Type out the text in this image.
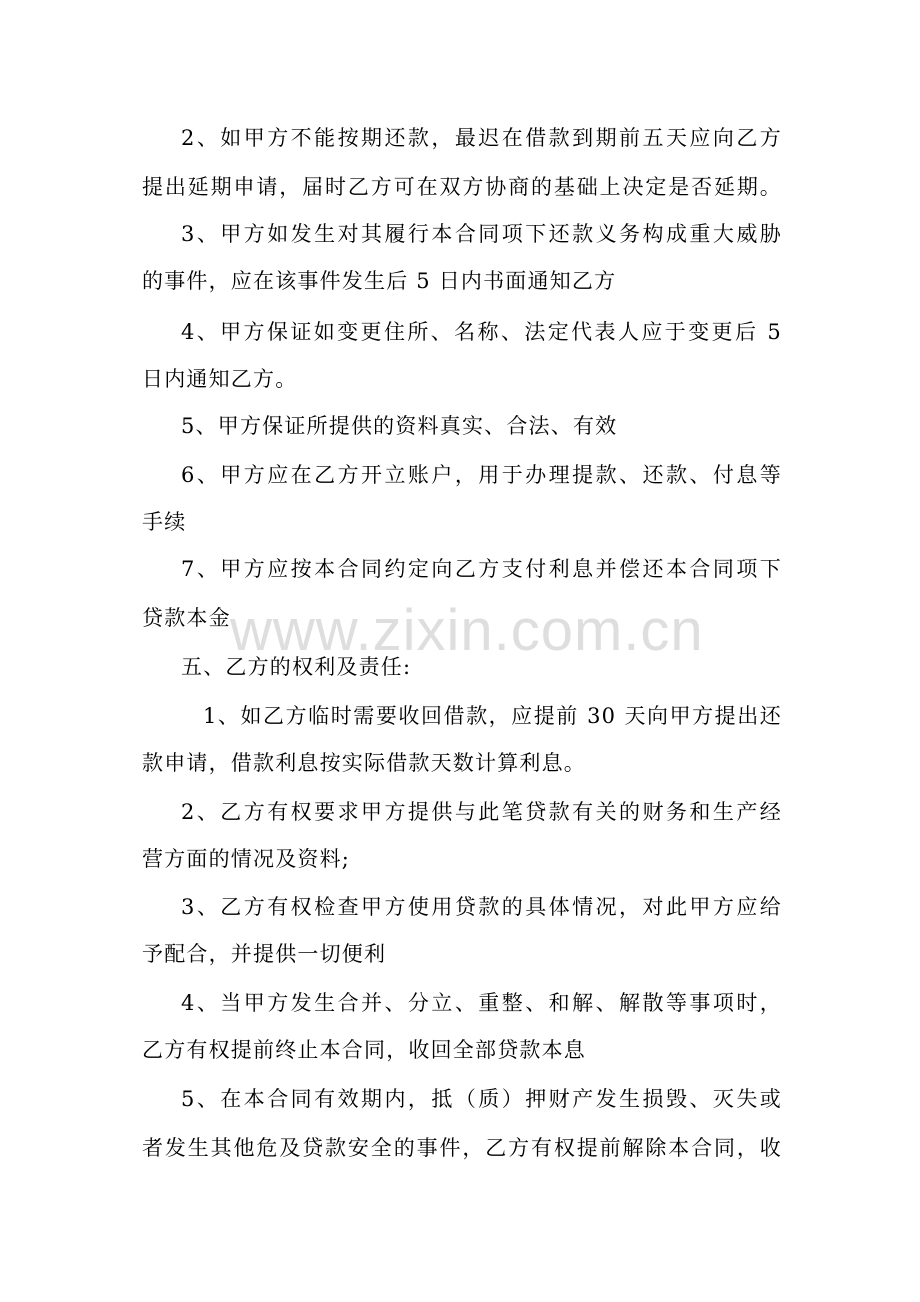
2、如甲方不能按期还款，最迟在借款到期前五天应向乙方
提出延期申请，届时乙方可在双方协商的基础上决定是否延期。
3、甲方如发生对其履行本合同项下还款义务构成重大威胁
的事件，应在该事件发生后 5 日内书面通知乙方
4、甲方保证如变更住所、名称、法定代表人应于变更后 5
日内通知乙方。
5、甲方保证所提供的资料真实、合法、有效
6、甲方应在乙方开立账户，用于办理提款、还款、付息等
手续
7、甲方应按本合同约定向乙方支付利息并偿还本合同项下
贷款本金
五、乙方的权利及责任:
1、如乙方临时需要收回借款，应提前 30 天向甲方提出还
款申请，借款利息按实际借款天数计算利息。
2、乙方有权要求甲方提供与此笔贷款有关的财务和生产经
营方面的情况及资料;
3、乙方有权检查甲方使用贷款的具体情况，对此甲方应给
予配合，并提供一切便利
4、当甲方发生合并、分立、重整、和解、解散等事项时，
乙方有权提前终止本合同，收回全部贷款本息
5、在本合同有效期内，抵（质）押财产发生损毁、灭失或
者发生其他危及贷款安全的事件，乙方有权提前解除本合同，收
www.zixin.com.cn
